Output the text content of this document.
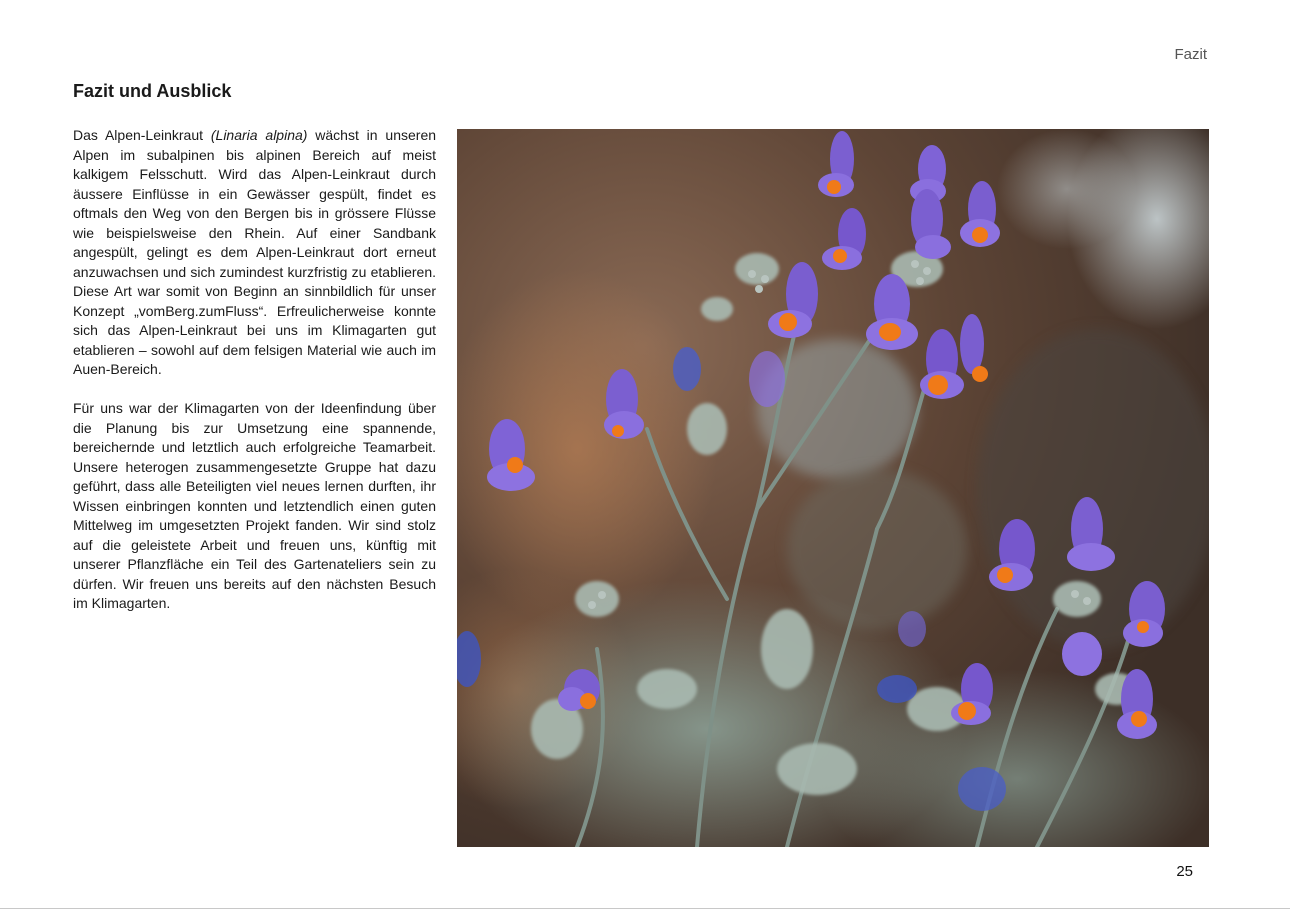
Fazit
Fazit und Ausblick

Das Alpen-Leinkraut (Linaria alpina) wächst in unseren Alpen im subalpinen bis alpinen Bereich auf meist kalkigem Felsschutt. Wird das Alpen-Leinkraut durch äussere Einflüsse in ein Gewässer gespült, findet es oftmals den Weg von den Bergen bis in grössere Flüsse wie beispielsweise den Rhein. Auf einer Sandbank angespült, gelingt es dem Alpen-Leinkraut dort erneut anzuwachsen und sich zumindest kurzfristig zu etablieren. Diese Art war somit von Beginn an sinnbildlich für unser Konzept „vomBerg.zumFluss“. Erfreulicherweise konnte sich das Alpen-Leinkraut bei uns im Klimagarten gut etablieren – sowohl auf dem felsigen Material wie auch im Auen-Bereich.

Für uns war der Klimagarten von der Ideenfindung über die Planung bis zur Umsetzung eine spannende, bereichernde und letztlich auch erfolgreiche Teamarbeit. Unsere heterogen zusammengesetzte Gruppe hat dazu geführt, dass alle Beteiligten viel neues lernen durften, ihr Wissen einbringen konnten und letztendlich einen guten Mittelweg im umgesetzten Projekt fanden. Wir sind stolz auf die geleistete Arbeit und freuen uns, künftig mit unserer Pflanzfläche ein Teil des Gartenateliers sein zu dürfen. Wir freuen uns bereits auf den nächsten Besuch im Klimagarten.

25
